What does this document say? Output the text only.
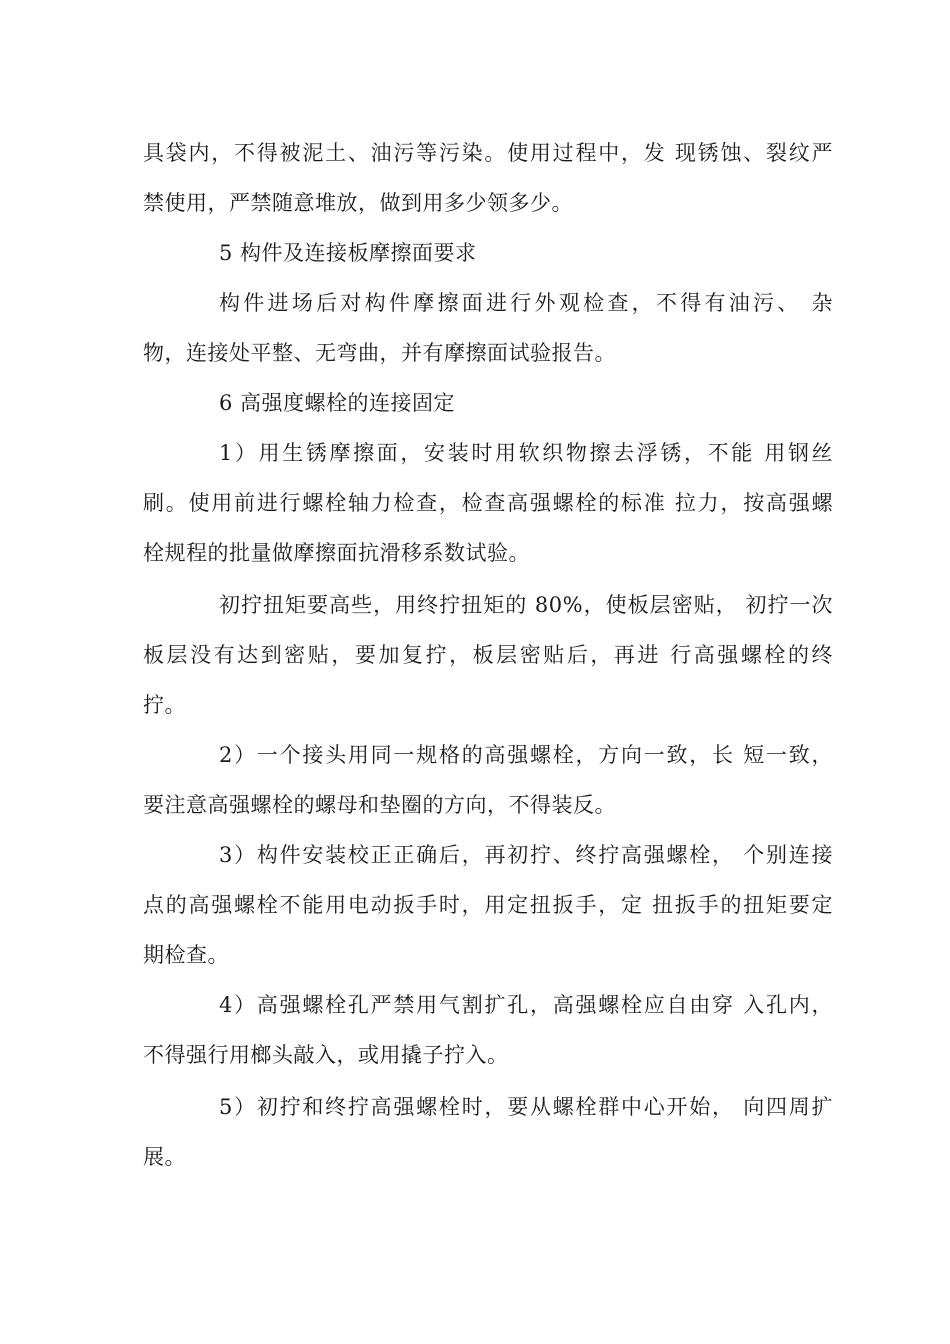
具袋内，不得被泥土、油污等污染。使用过程中，发 现锈蚀、裂纹严
禁使用，严禁随意堆放，做到用多少领多少。
5 构件及连接板摩擦面要求
构件进场后对构件摩擦面进行外观检查，不得有油污、 杂
物，连接处平整、无弯曲，并有摩擦面试验报告。
6 高强度螺栓的连接固定
1）用生锈摩擦面，安装时用软织物擦去浮锈，不能 用钢丝
刷。使用前进行螺栓轴力检查，检查高强螺栓的标准 拉力，按高强螺
栓规程的批量做摩擦面抗滑移系数试验。
初拧扭矩要高些，用终拧扭矩的 80%，使板层密贴， 初拧一次
板层没有达到密贴，要加复拧，板层密贴后，再进 行高强螺栓的终
拧。
2）一个接头用同一规格的高强螺栓，方向一致，长 短一致，
要注意高强螺栓的螺母和垫圈的方向，不得装反。
3）构件安装校正正确后，再初拧、终拧高强螺栓， 个别连接
点的高强螺栓不能用电动扳手时，用定扭扳手，定 扭扳手的扭矩要定
期检查。
4）高强螺栓孔严禁用气割扩孔，高强螺栓应自由穿 入孔内，
不得强行用榔头敲入，或用撬子拧入。
5）初拧和终拧高强螺栓时，要从螺栓群中心开始， 向四周扩
展。
